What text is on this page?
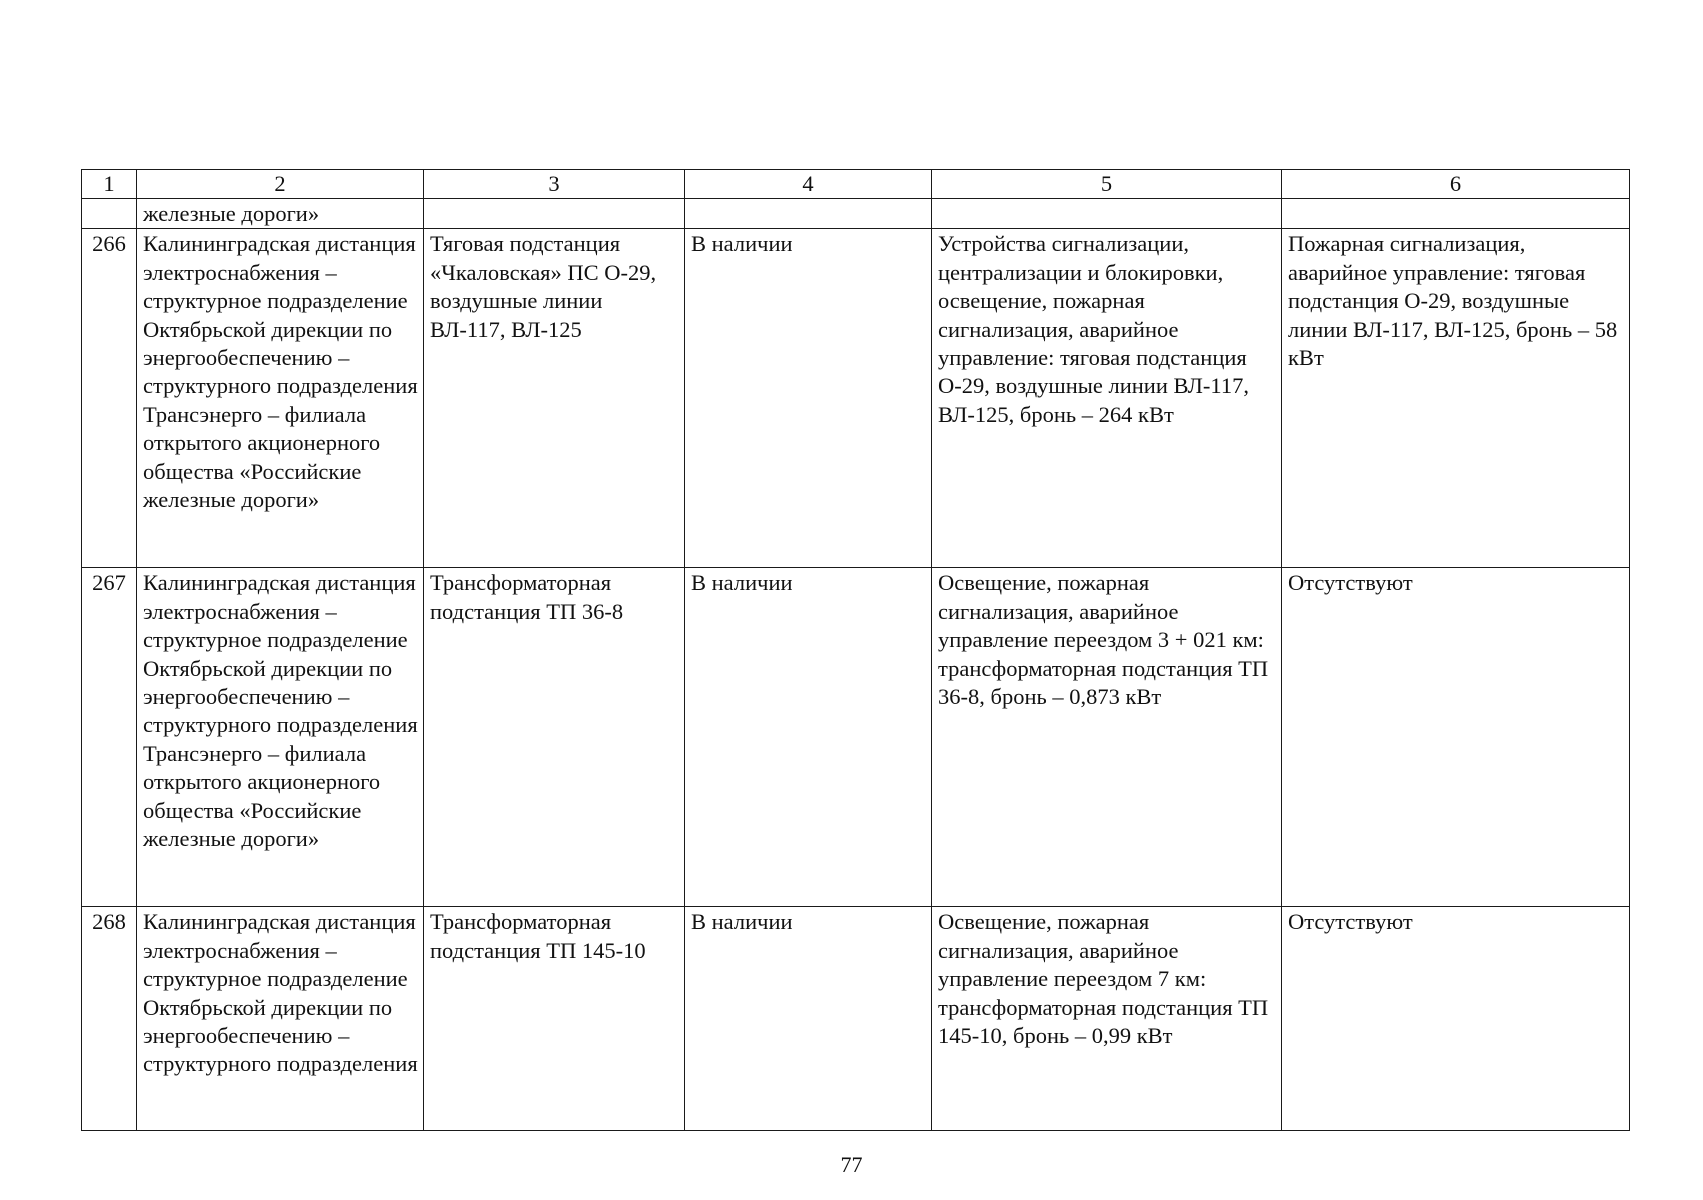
1	2	3	4	5	6
	железные дороги»				
266	Калининградская дистанция электроснабжения – структурное подразделение Октябрьской дирекции по энергообеспечению – структурного подразделения Трансэнерго – филиала открытого акционерного общества «Российские железные дороги»	Тяговая подстанция «Чкаловская» ПС О-29, воздушные линии ВЛ-117, ВЛ-125	В наличии	Устройства сигнализации, централизации и блокировки, освещение, пожарная сигнализация, аварийное управление: тяговая подстанция О-29, воздушные линии ВЛ-117, ВЛ-125, бронь – 264 кВт	Пожарная сигнализация, аварийное управление: тяговая подстанция О-29, воздушные линии ВЛ-117, ВЛ-125, бронь – 58 кВт
267	Калининградская дистанция электроснабжения – структурное подразделение Октябрьской дирекции по энергообеспечению – структурного подразделения Трансэнерго – филиала открытого акционерного общества «Российские железные дороги»	Трансформаторная подстанция ТП 36-8	В наличии	Освещение, пожарная сигнализация, аварийное управление переездом 3 + 021 км: трансформаторная подстанция ТП 36-8, бронь – 0,873 кВт	Отсутствуют
268	Калининградская дистанция электроснабжения – структурное подразделение Октябрьской дирекции по энергообеспечению – структурного подразделения	Трансформаторная подстанция ТП 145-10	В наличии	Освещение, пожарная сигнализация, аварийное управление переездом 7 км: трансформаторная подстанция ТП 145-10, бронь – 0,99 кВт	Отсутствуют
77
